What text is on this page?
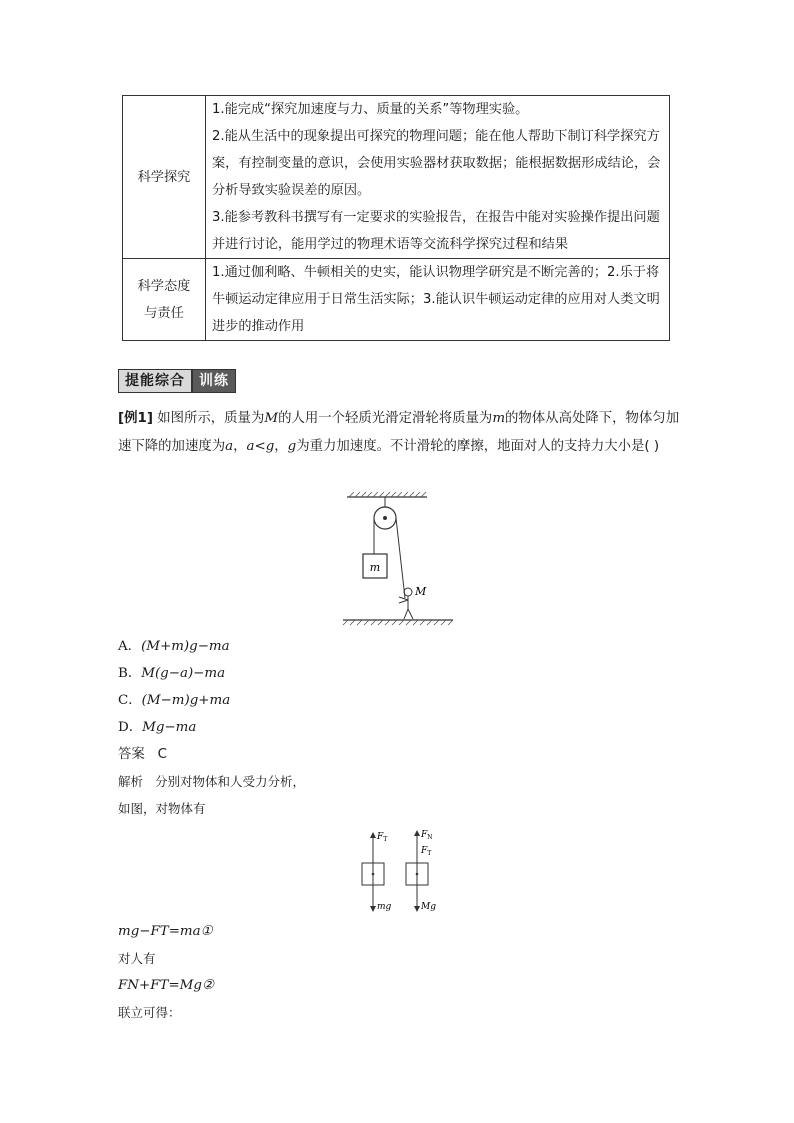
科学探究	1.能完成“探究加速度与力、质量的关系”等物理实验。

2.能从生活中的现象提出可探究的物理问题；能在他人帮助下制订科学探究方案，有控制变量的意识，会使用实验器材获取数据；能根据数据形成结论，会分析导致实验误差的原因。

3.能参考教科书撰写有一定要求的实验报告，在报告中能对实验操作提出问题并进行讨论，能用学过的物理术语等交流科学探究过程和结果

科学态度
与责任	1.通过伽利略、牛顿相关的史实，能认识物理学研究是不断完善的；2.乐于将牛顿运动定律应用于日常生活实际；3.能认识牛顿运动定律的应用对人类文明进步的推动作用

提能综合	训练

[例1] 如图所示，质量为M的人用一个轻质光滑定滑轮将质量为m的物体从高处降下，物体匀加速下降的加速度为a，a<g，g为重力加速度。不计滑轮的摩擦，地面对人的支持力大小是( )

m
M
A．(M+m)g−ma
B．M(g−a)−ma
C．(M−m)g+ma
D．Mg−ma
答案 C
解析 分别对物体和人受力分析，
如图，对物体有
$F_T$
mg
$F_N$
$F_T$
Mg
mg−FT=ma①
对人有
FN+FT=Mg②
联立可得：
